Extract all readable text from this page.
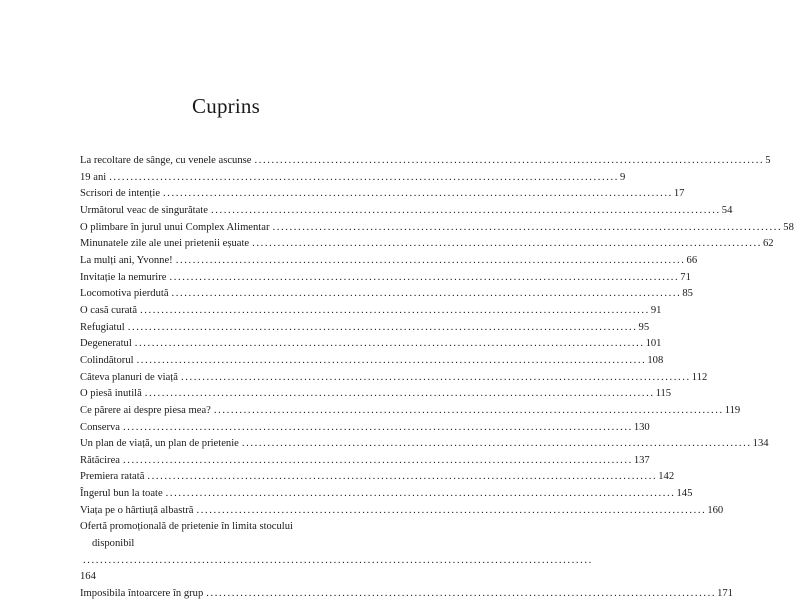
Cuprins
La recoltare de sânge, cu venele ascunse ........................................................................................................................ 5
19 ani ........................................................................................................................ 9
Scrisori de intenție ........................................................................................................................ 17
Următorul veac de singurătate ........................................................................................................................ 54
O plimbare în jurul unui Complex Alimentar ........................................................................................................................ 58
Minunatele zile ale unei prietenii eșuate ........................................................................................................................ 62
La mulți ani, Yvonne! ........................................................................................................................ 66
Invitație la nemurire ........................................................................................................................ 71
Locomotiva pierdută ........................................................................................................................ 85
O casă curată ........................................................................................................................ 91
Refugiatul ........................................................................................................................ 95
Degeneratul ........................................................................................................................ 101
Colindătorul ........................................................................................................................ 108
Câteva planuri de viață ........................................................................................................................ 112
O piesă inutilă ........................................................................................................................ 115
Ce părere ai despre piesa mea? ........................................................................................................................ 119
Conserva ........................................................................................................................ 130
Un plan de viață, un plan de prietenie ........................................................................................................................ 134
Rătăcirea ........................................................................................................................ 137
Premiera ratată ........................................................................................................................ 142
Îngerul bun la toate ........................................................................................................................ 145
Viața pe o hârtiuță albastră ........................................................................................................................ 160
Ofertă promoțională de prietenie în limita stocului
disponibil
........................................................................................................................
164
Imposibila întoarcere în grup ........................................................................................................................ 171
